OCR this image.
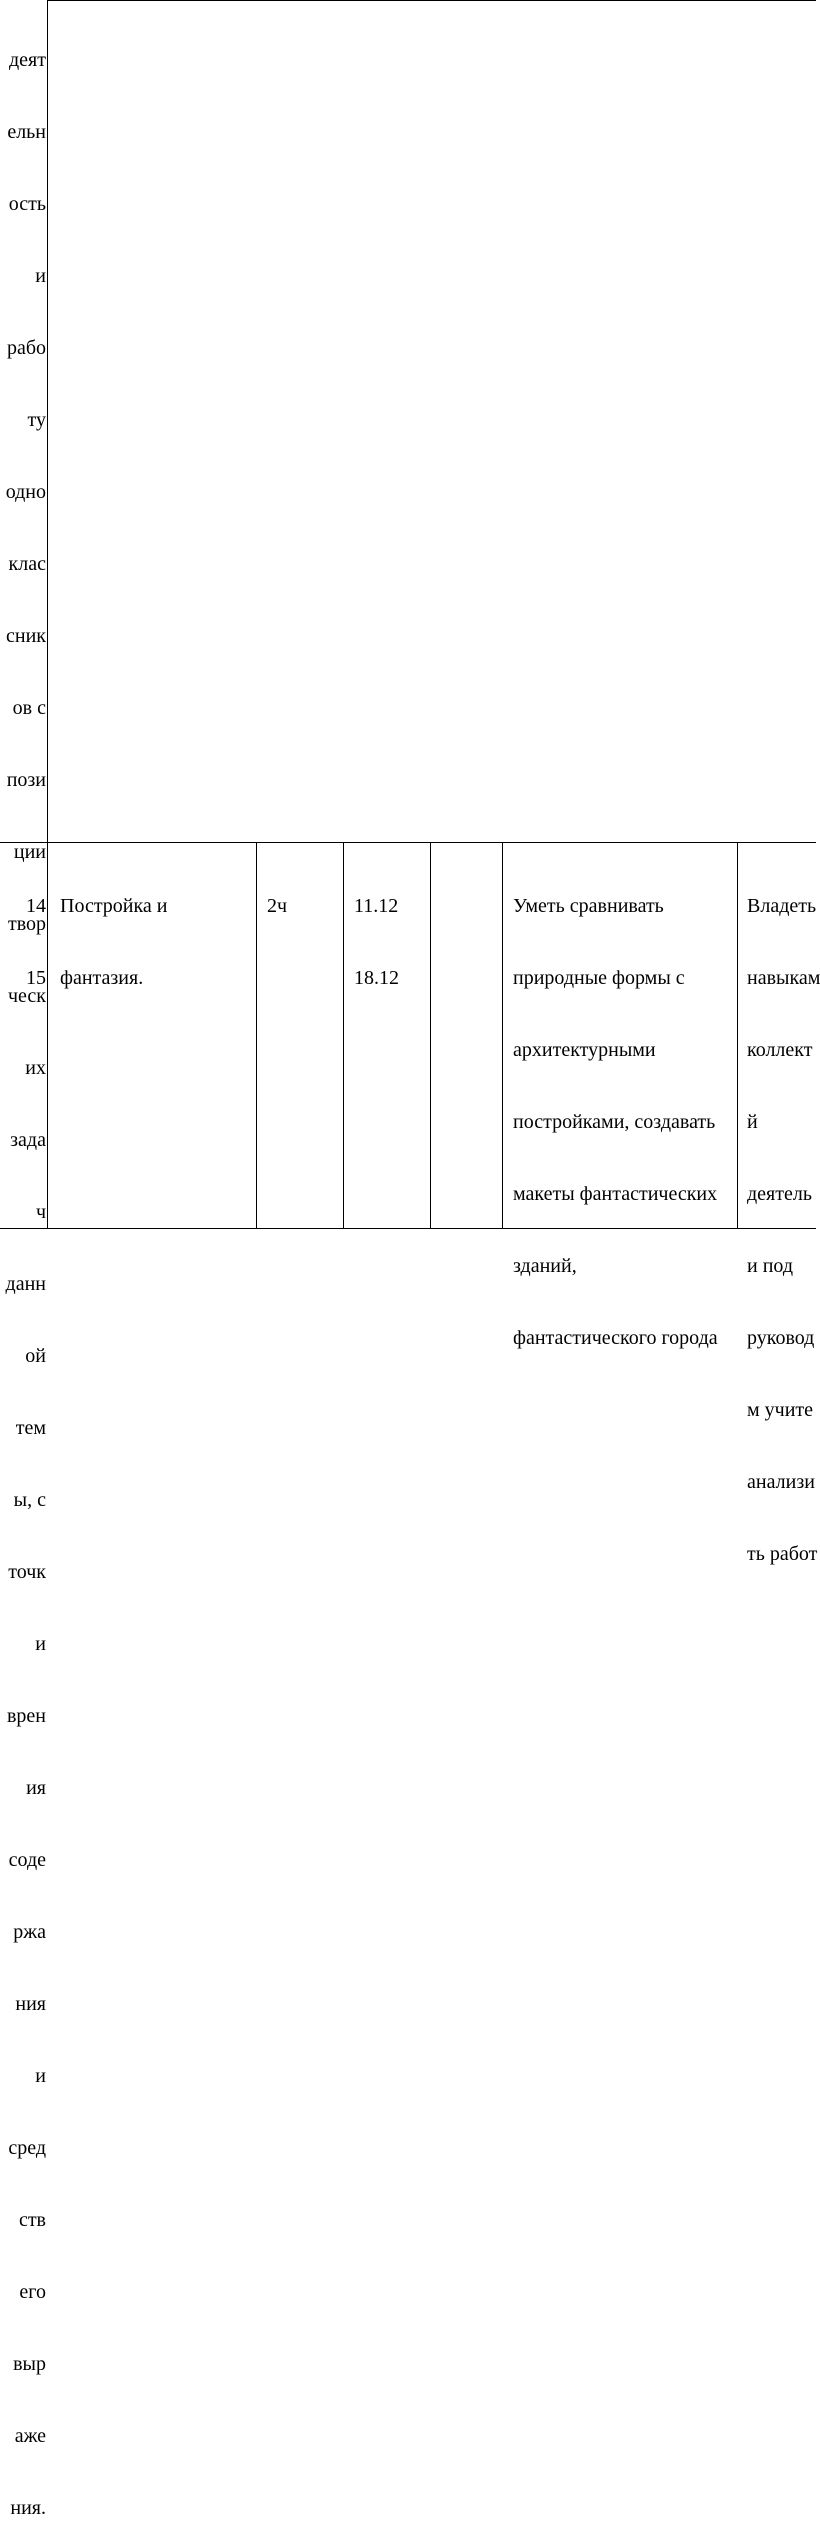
деят

ельн

ость

и

рабо

ту

одно

клас

сник

ов с

пози

ции

твор

ческ

их

зада

ч

данн

ой

тем

ы, с

точк

и

врен

ия

соде

ржа

ния

и

сред

ств

его

выр

аже

ния.

14

15

Постройка и

фантазия.

2ч

	11.12

18.12

Уметь сравнивать

природные формы с

архитектурными

постройками, создавать

макеты фантастических

зданий,

фантастического города

Владеть

навыкам

коллект

й

деятель

и под

руковод

м учите

анализи

ть работ
